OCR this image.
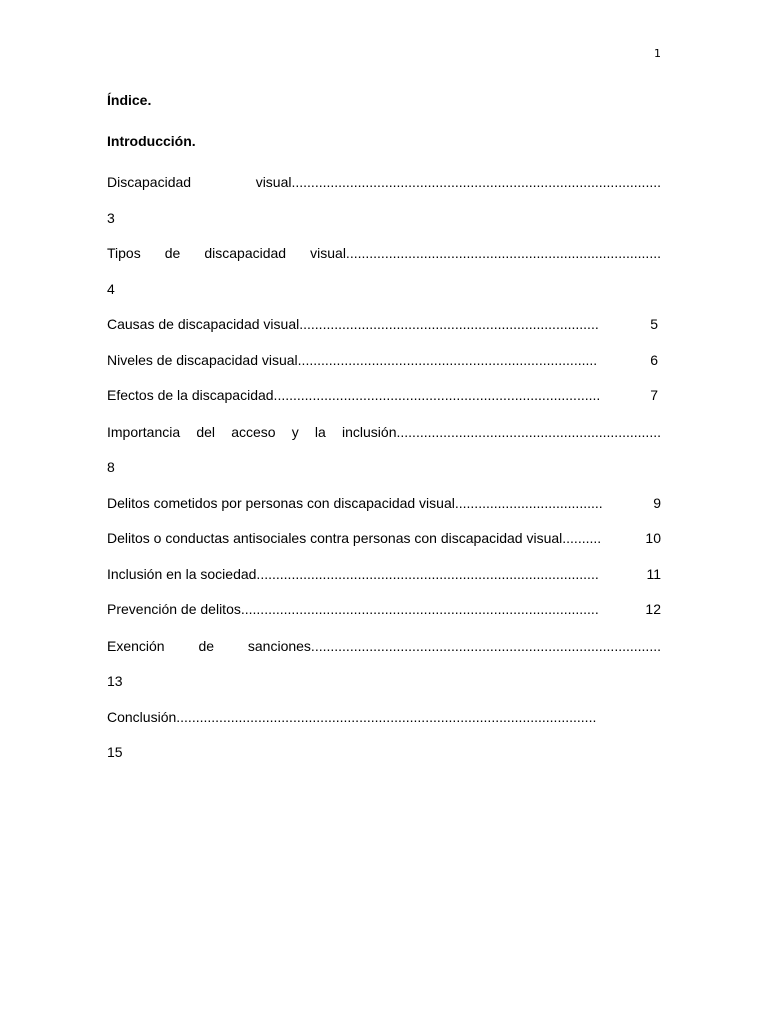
1
Índice.
Introducción.
Discapacidad visual...............................................................................................
3
Tipos de discapacidad visual.................................................................................
4
Causas de discapacidad visual.............................................................................	5
Niveles de discapacidad visual.............................................................................	6
Efectos de la discapacidad....................................................................................	7
Importancia del acceso y la inclusión....................................................................
8
Delitos cometidos por personas con discapacidad visual......................................	9
Delitos o conductas antisociales contra personas con discapacidad visual..........	10
Inclusión en la sociedad........................................................................................	11
Prevención de delitos............................................................................................	12
Exención de sanciones..........................................................................................
13
Conclusión............................................................................................................
15
